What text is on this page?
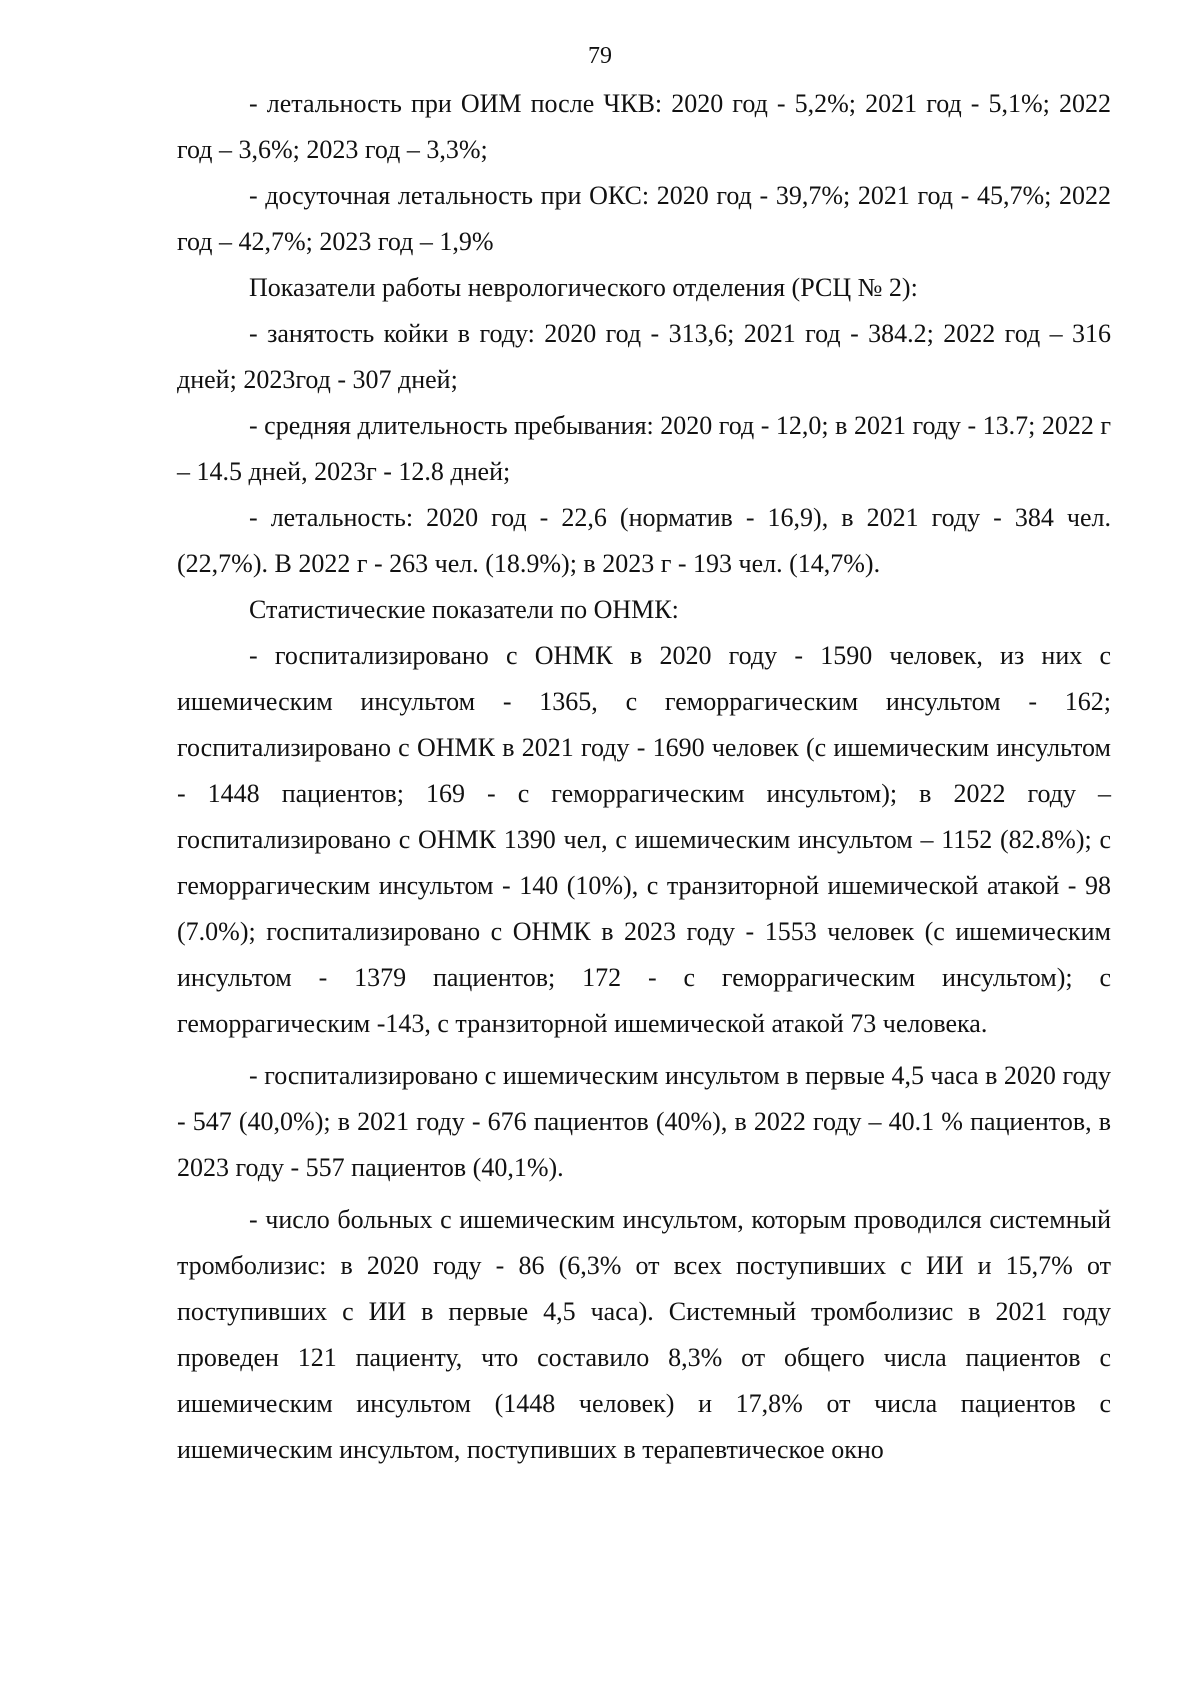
79

- летальность при ОИМ после ЧКВ: 2020 год - 5,2%; 2021 год - 5,1%; 2022 год – 3,6%; 2023 год – 3,3%;

- досуточная летальность при ОКС: 2020 год - 39,7%; 2021 год - 45,7%; 2022 год – 42,7%; 2023 год – 1,9%

Показатели работы неврологического отделения (РСЦ № 2):

- занятость койки в году: 2020 год - 313,6; 2021 год - 384.2; 2022 год – 316 дней; 2023год - 307 дней;

- средняя длительность пребывания: 2020 год - 12,0; в 2021 году - 13.7; 2022 г – 14.5 дней, 2023г - 12.8 дней;

- летальность: 2020 год - 22,6 (норматив - 16,9), в 2021 году - 384 чел. (22,7%). В 2022 г - 263 чел. (18.9%); в 2023 г - 193 чел. (14,7%).

Статистические показатели по ОНМК:

- госпитализировано с ОНМК в 2020 году - 1590 человек, из них с ишемическим инсультом - 1365, с геморрагическим инсультом - 162; госпитализировано с ОНМК в 2021 году - 1690 человек (с ишемическим инсультом - 1448 пациентов; 169 - с геморрагическим инсультом); в 2022 году – госпитализировано с ОНМК 1390 чел, с ишемическим инсультом – 1152 (82.8%); с геморрагическим инсультом - 140 (10%), с транзиторной ишемической атакой - 98 (7.0%); госпитализировано с ОНМК в 2023 году - 1553 человек (с ишемическим инсультом - 1379 пациентов; 172 - с геморрагическим инсультом); с геморрагическим -143, с транзиторной ишемической атакой 73 человека.

- госпитализировано с ишемическим инсультом в первые 4,5 часа в 2020 году - 547 (40,0%); в 2021 году - 676 пациентов (40%), в 2022 году – 40.1 % пациентов, в 2023 году - 557 пациентов (40,1%).

- число больных с ишемическим инсультом, которым проводился системный тромболизис: в 2020 году - 86 (6,3% от всех поступивших с ИИ и 15,7% от поступивших с ИИ в первые 4,5 часа). Системный тромболизис в 2021 году проведен 121 пациенту, что составило 8,3% от общего числа пациентов с ишемическим инсультом (1448 человек) и 17,8% от числа пациентов с ишемическим инсультом, поступивших в терапевтическое окно
